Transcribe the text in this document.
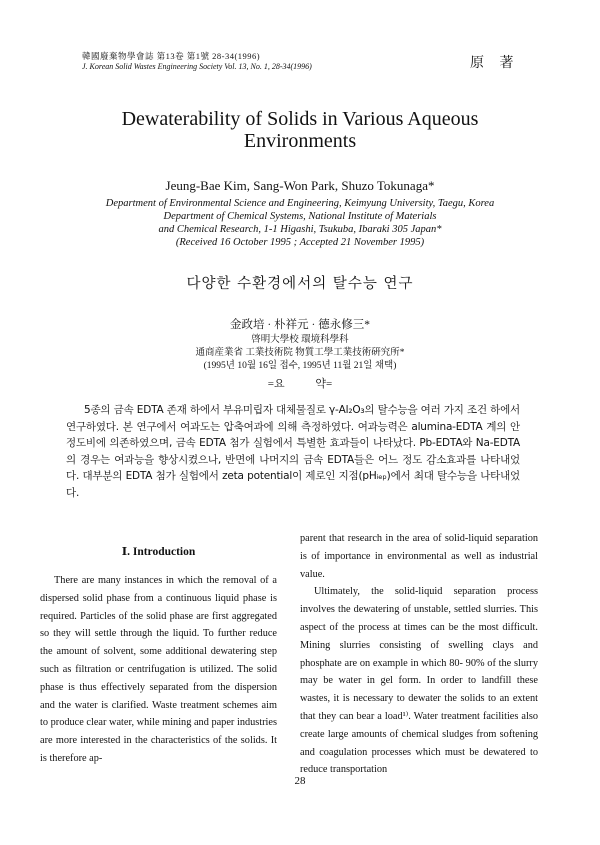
韓國廢棄物學會誌 第13卷 第1號 28-34(1996)
J. Korean Solid Wastes Engineering Society Vol. 13, No. 1, 28-34(1996)	原 著
Dewaterability of Solids in Various Aqueous
Environments
Jeung-Bae Kim, Sang-Won Park, Shuzo Tokunaga*
Department of Environmental Science and Engineering, Keimyung University, Taegu, Korea
Department of Chemical Systems, National Institute of Materials
and Chemical Research, 1-1 Higashi, Tsukuba, Ibaraki 305 Japan*
(Received 16 October 1995 ; Accepted 21 November 1995)
다양한 수환경에서의 탈수능 연구
金政培 · 朴祥元 · 德永修三*
啓明大學校 環境科學科
通商産業省 工業技術院 物質工學工業技術硏究所*
(1995년 10월 16일 접수, 1995년 11월 21일 채택)
=요 약=

5종의 금속 EDTA 존재 하에서 부유미립자 대체물질로 γ-Al₂O₃의 탈수능을 여러 가지 조건 하에서 연구하였다. 본 연구에서 여과도는 압축여과에 의해 측정하였다. 여과능력은 alumina-EDTA 계의 안정도비에 의존하였으며, 금속 EDTA 첨가 실험에서 특별한 효과들이 나타났다. Pb-EDTA와 Na-EDTA의 경우는 여과능을 향상시켰으나, 반면에 나머지의 금속 EDTA들은 어느 정도 감소효과를 나타내었다. 대부분의 EDTA 첨가 실험에서 zeta potential이 제로인 지점(pHᵢₑₚ)에서 최대 탈수능을 나타내었다.

Ⅰ. Introduction

There are many instances in which the removal of a dispersed solid phase from a continuous liquid phase is required. Particles of the solid phase are first aggregated so they will settle through the liquid. To further reduce the amount of solvent, some additional dewatering step such as filtration or centrifugation is utilized. The solid phase is thus effectively separated from the dispersion and the water is clarified. Waste treatment schemes aim to produce clear water, while mining and paper industries are more interested in the characteristics of the solids. It is therefore ap-

parent that research in the area of solid-liquid separation is of importance in environmental as well as industrial value.

Ultimately, the solid-liquid separation process involves the dewatering of unstable, settled slurries. This aspect of the process at times can be the most difficult. Mining slurries consisting of swelling clays and phosphate are on example in which 80- 90% of the slurry may be water in gel form. In order to landfill these wastes, it is necessary to dewater the solids to an extent that they can bear a load¹⁾. Water treatment facilities also create large amounts of chemical sludges from softening and coagulation processes which must be dewatered to reduce transportation

28
